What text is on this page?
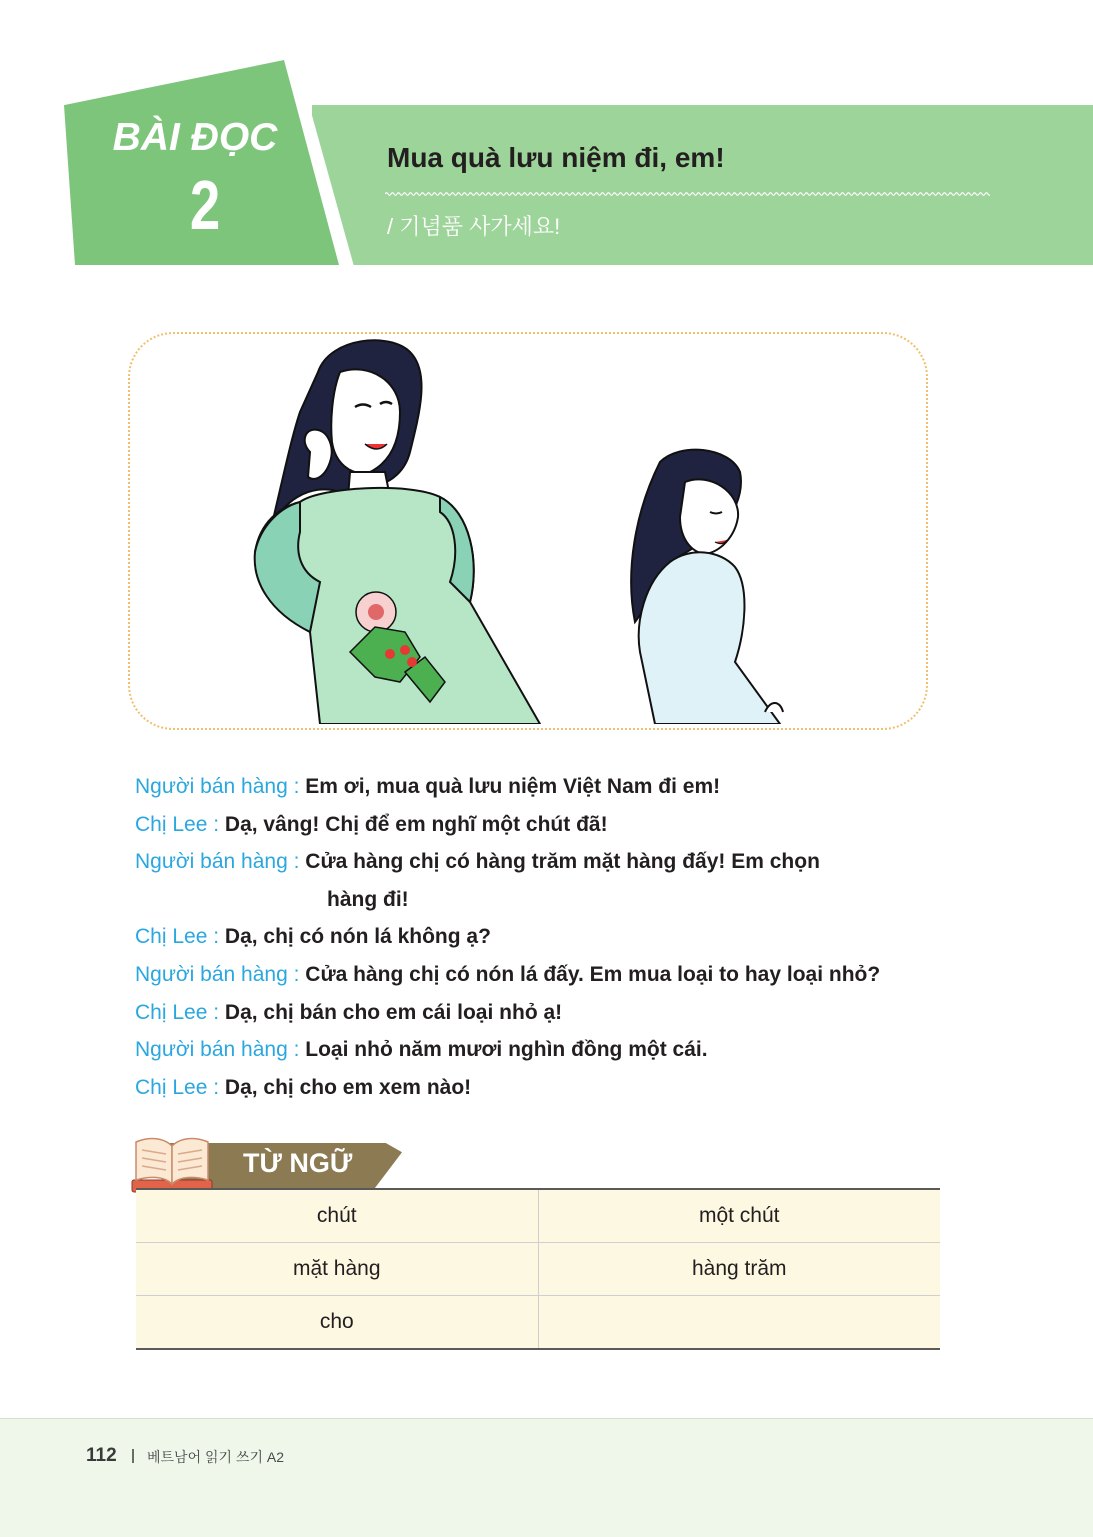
BÀI ĐỌC
2
Mua quà lưu niệm đi, em!
/ 기념품 사가세요!
Người bán hàng : Em ơi, mua quà lưu niệm Việt Nam đi em!
Chị Lee : Dạ, vâng! Chị để em nghĩ một chút đã!
Người bán hàng : Cửa hàng chị có hàng trăm mặt hàng đấy! Em chọn
hàng đi!
Chị Lee : Dạ, chị có nón lá không ạ?
Người bán hàng : Cửa hàng chị có nón lá đấy. Em mua loại to hay loại nhỏ?
Chị Lee : Dạ, chị bán cho em cái loại nhỏ ạ!
Người bán hàng : Loại nhỏ năm mươi nghìn đồng một cái.
Chị Lee : Dạ, chị cho em xem nào!
TỪ NGỮ
chút	một chút
mặt hàng	hàng trăm
cho	
112 베트남어 읽기 쓰기 A2
